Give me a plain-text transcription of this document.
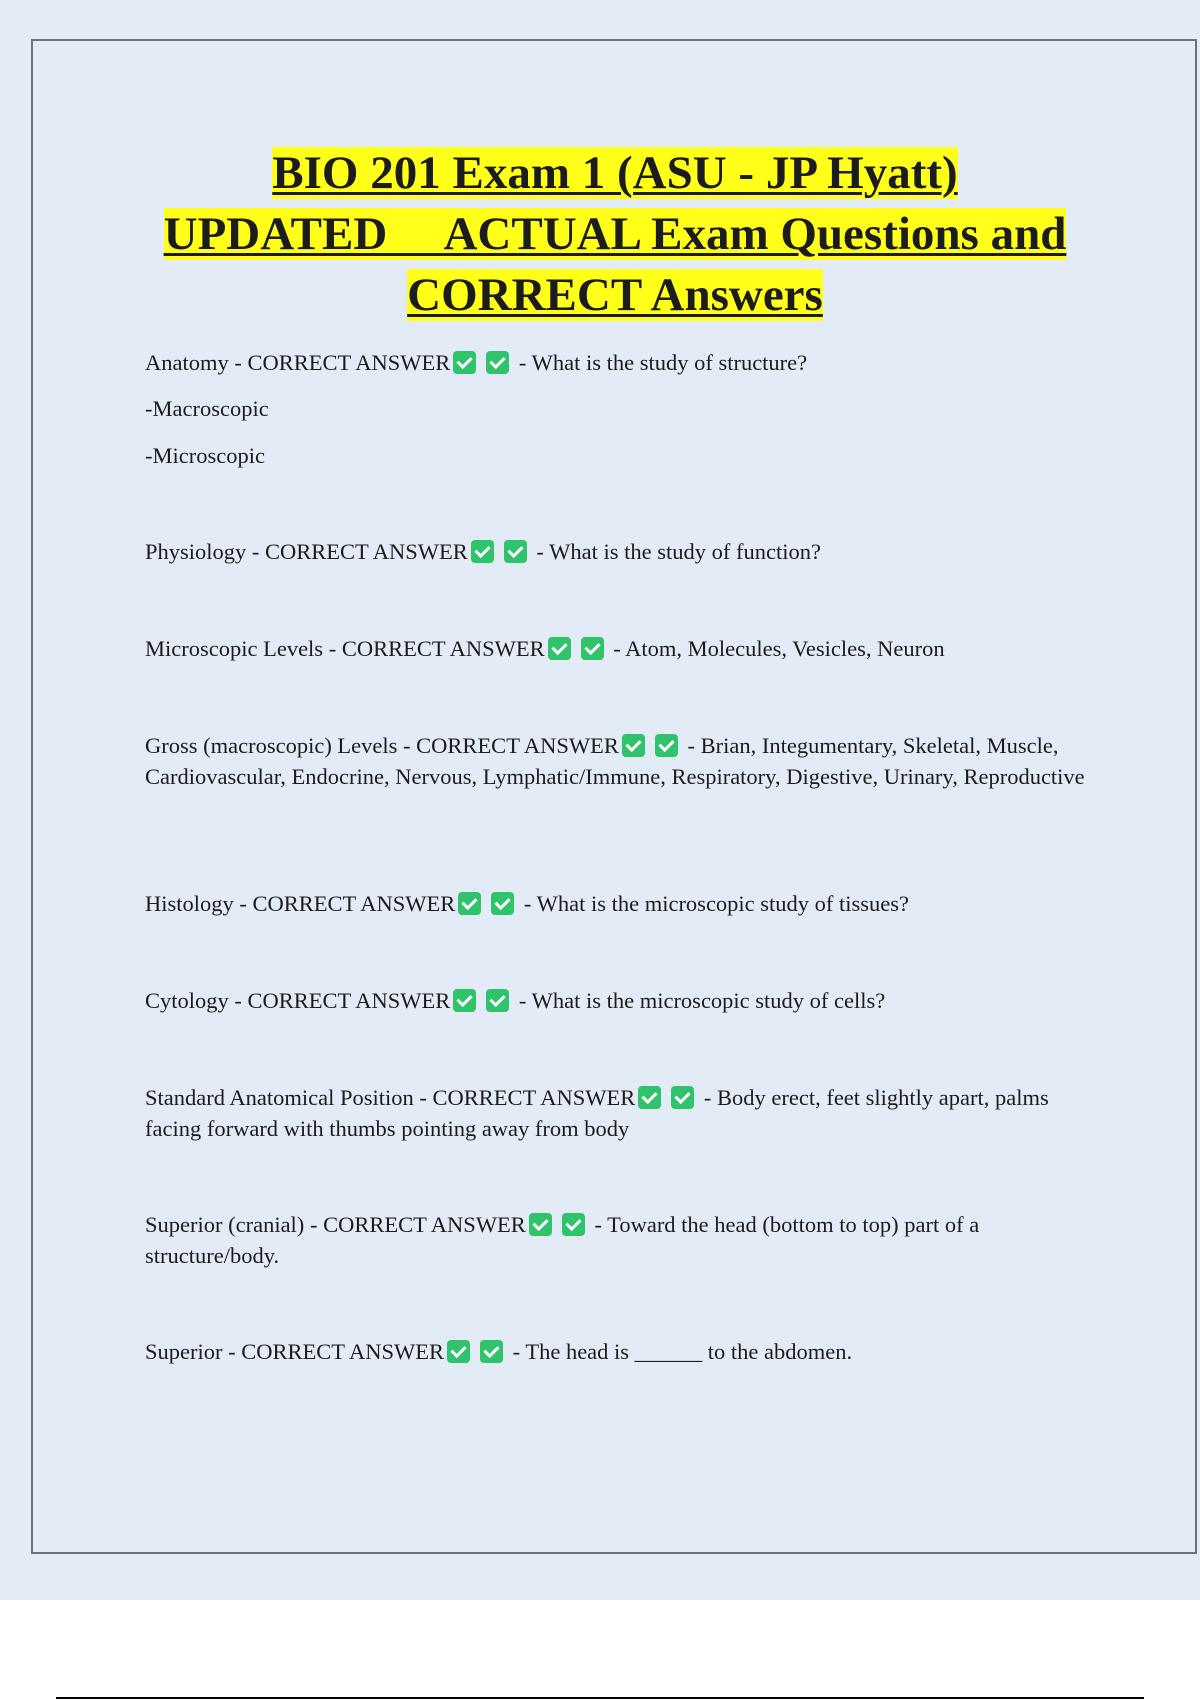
BIO 201 Exam 1 (ASU - JP Hyatt)
UPDATED     ACTUAL Exam Questions and
CORRECT Answers

Anatomy - CORRECT ANSWER	- What is the study of structure?

-Macroscopic

-Microscopic

Physiology - CORRECT ANSWER	- What is the study of function?

Microscopic Levels - CORRECT ANSWER	- Atom, Molecules, Vesicles, Neuron

Gross (macroscopic) Levels - CORRECT ANSWER	- Brian, Integumentary, Skeletal, Muscle, Cardiovascular, Endocrine, Nervous, Lymphatic/Immune, Respiratory, Digestive, Urinary, Reproductive

Histology - CORRECT ANSWER	- What is the microscopic study of tissues?

Cytology - CORRECT ANSWER	- What is the microscopic study of cells?

Standard Anatomical Position - CORRECT ANSWER	- Body erect, feet slightly apart, palms facing forward with thumbs pointing away from body

Superior (cranial) - CORRECT ANSWER	- Toward the head (bottom to top) part of a structure/body.

Superior - CORRECT ANSWER	- The head is ______ to the abdomen.
